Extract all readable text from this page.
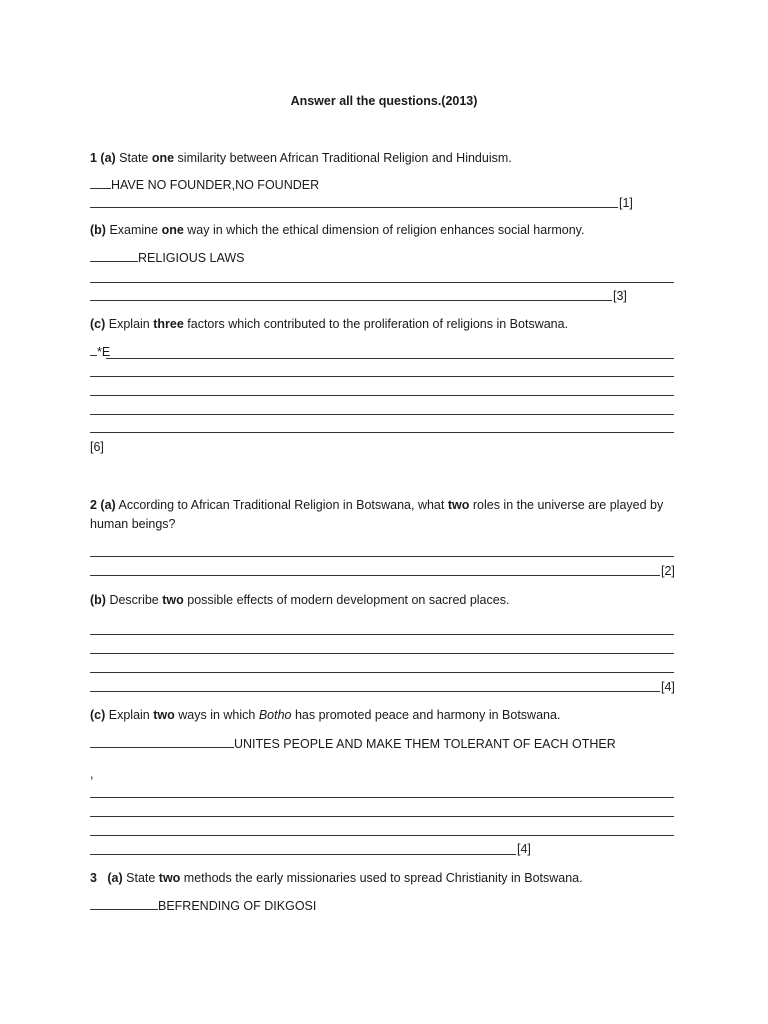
Answer all the questions.(2013)
1 (a) State one similarity between African Traditional Religion and Hinduism.
HAVE NO FOUNDER,NO FOUNDER
[1]
(b) Examine one way in which the ethical dimension of religion enhances social harmony.
RELIGIOUS LAWS
[3]
(c) Explain three factors which contributed to the proliferation of religions in Botswana.
*E
[6]
2 (a) According to African Traditional Religion in Botswana, what two roles in the universe are played by human beings?
[2]
(b) Describe two possible effects of modern development on sacred places.
[4]
(c) Explain two ways in which Botho has promoted peace and harmony in Botswana.
UNITES PEOPLE AND MAKE THEM TOLERANT OF EACH OTHER
,
[4]
3 (a) State two methods the early missionaries used to spread Christianity in Botswana.
BEFRENDING OF DIKGOSI
